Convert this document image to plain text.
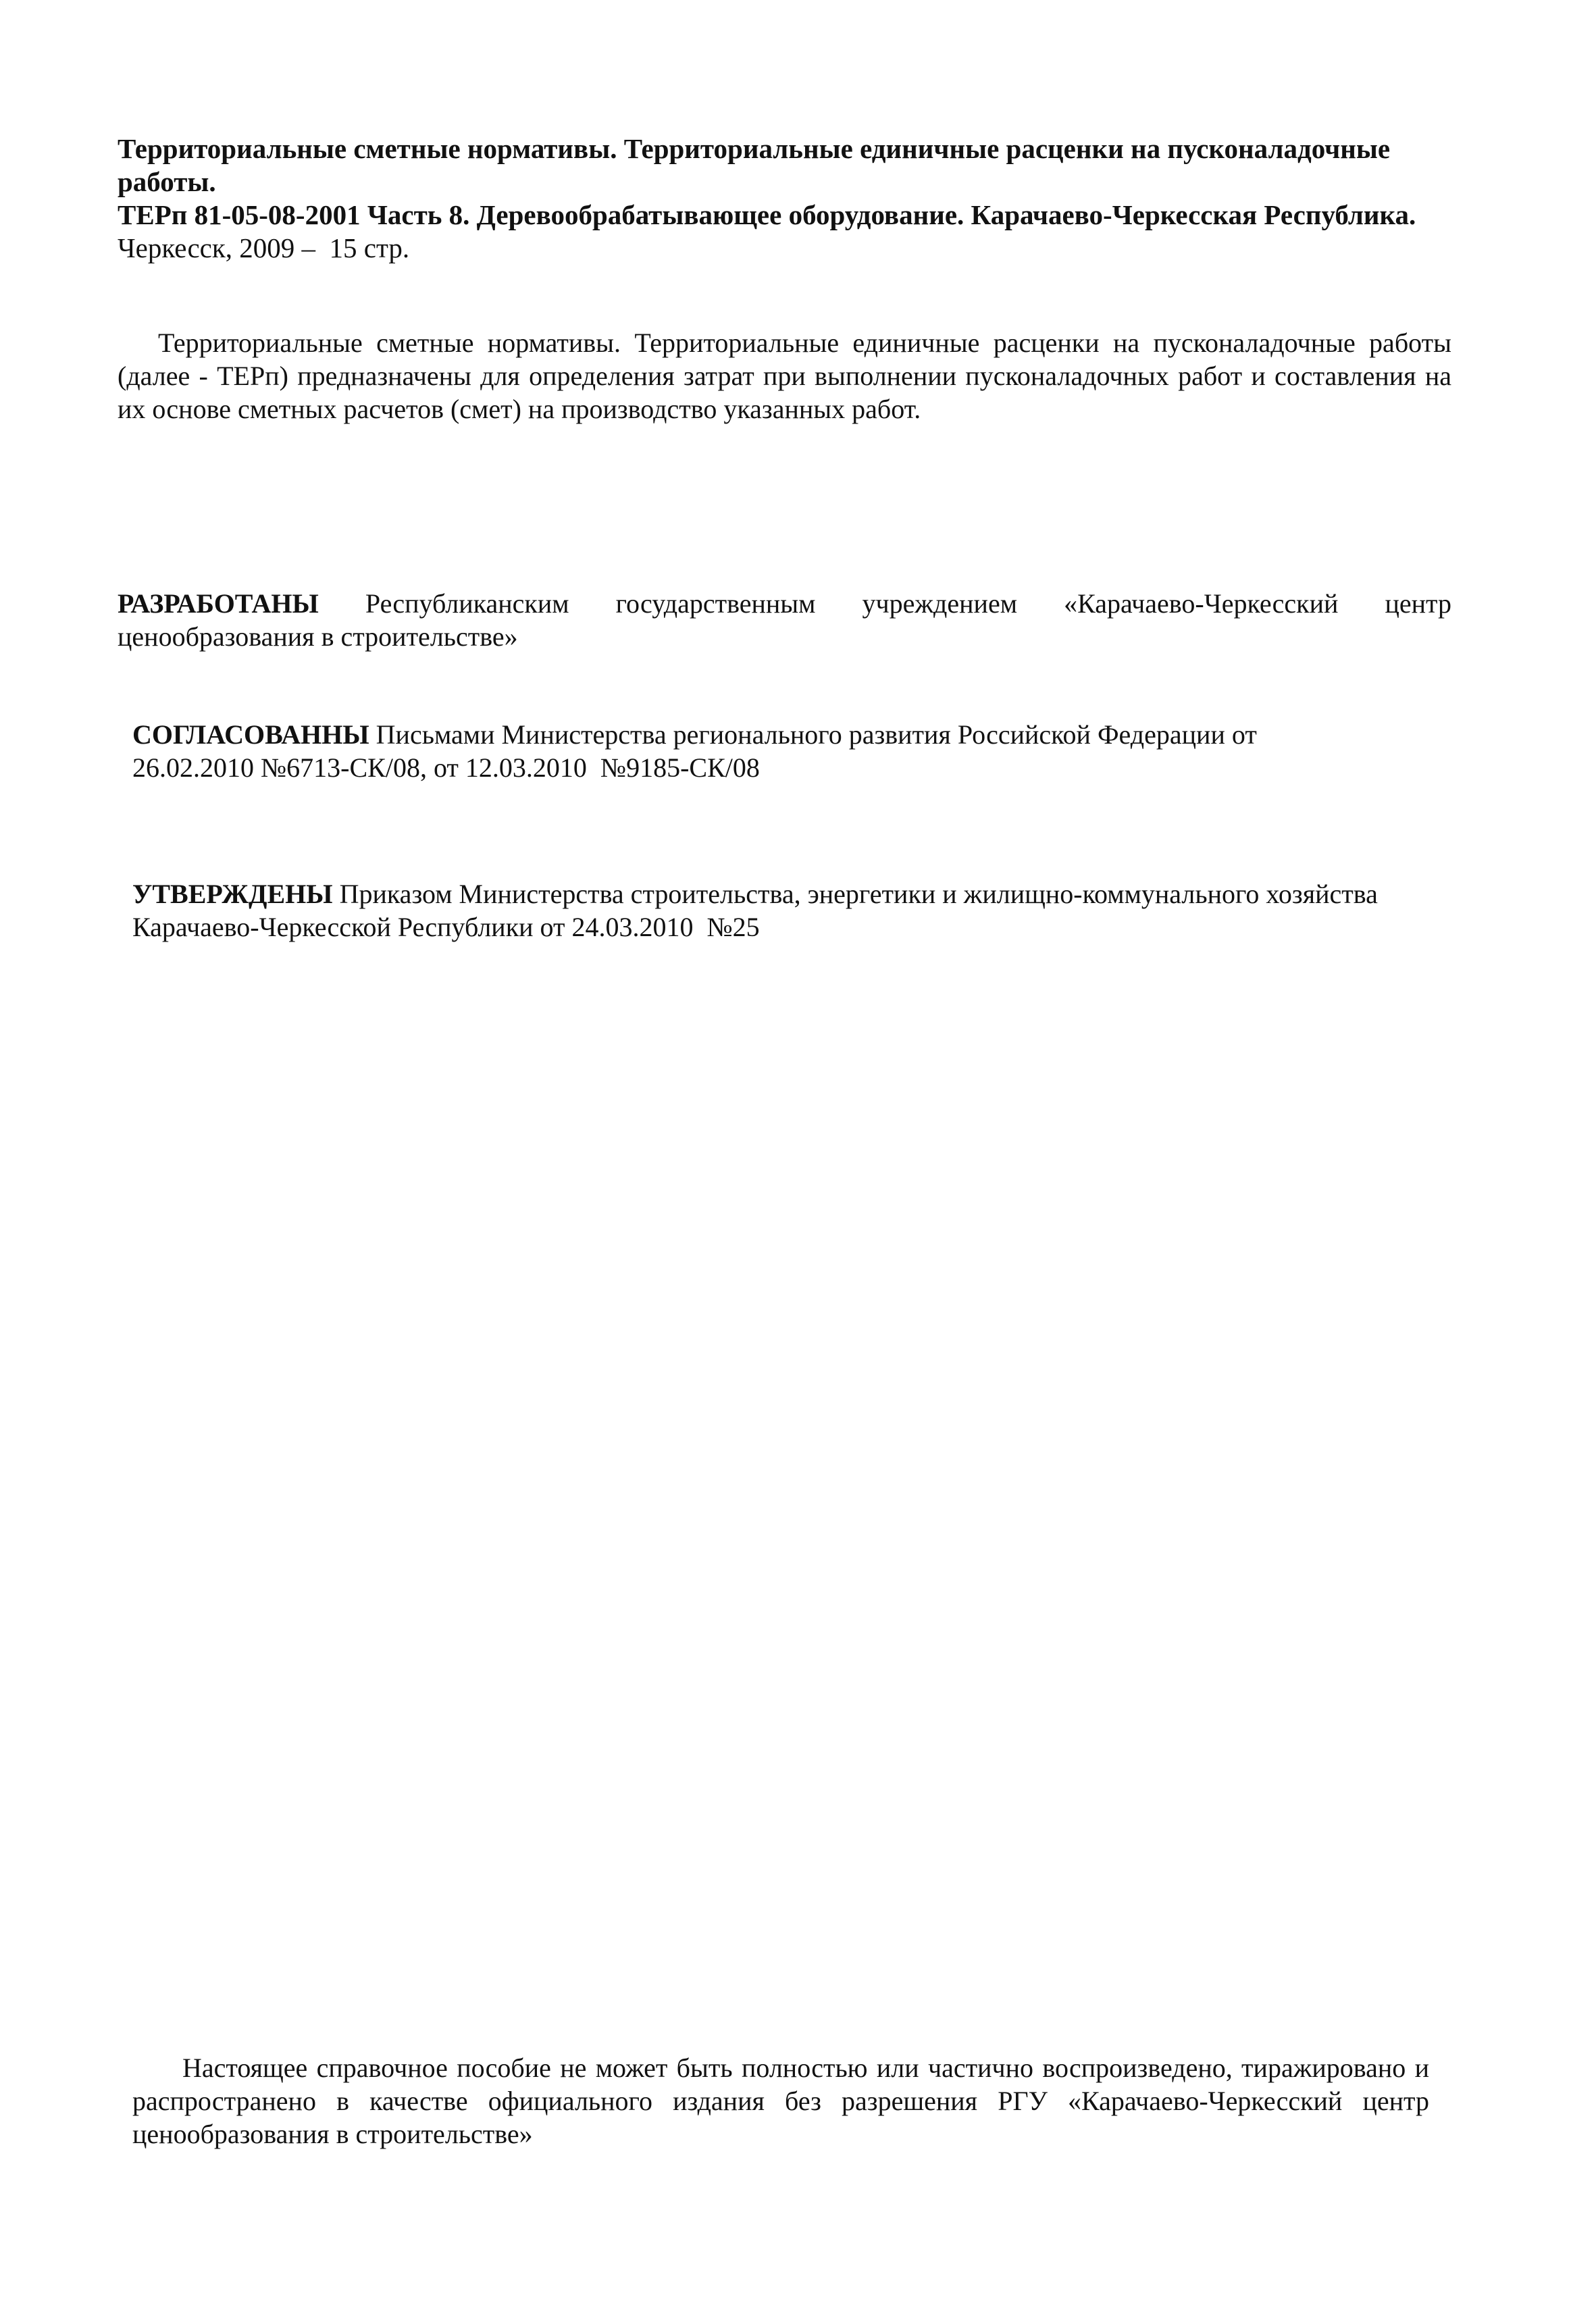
Территориальные сметные нормативы. Территориальные единичные расценки на пусконаладочные работы.

ТЕРп 81-05-08-2001 Часть 8. Деревообрабатывающее оборудование. Карачаево-Черкесская Республика.

Черкесск, 2009 –  15 стр.

Территориальные сметные нормативы. Территориальные единичные расценки на пусконаладочные работы (далее - ТЕРп) предназначены для определения затрат при выполнении пусконаладочных работ и составления на их основе сметных расчетов (смет) на производство указанных работ.

РАЗРАБОТАНЫ Республиканским государственным учреждением «Карачаево-Черкесский центр
ценообразования в строительстве»
СОГЛАСОВАННЫ Письмами Министерства регионального развития Российской Федерации от
26.02.2010 №6713-СК/08, от 12.03.2010  №9185-СК/08
УТВЕРЖДЕНЫ Приказом Министерства строительства, энергетики и жилищно-коммунального хозяйства
Карачаево-Черкесской Республики от 24.03.2010  №25

Настоящее справочное пособие не может быть полностью или частично воспроизведено, тиражировано и распространено в качестве официального издания без разрешения РГУ «Карачаево-Черкесский центр ценообразования в строительстве»
